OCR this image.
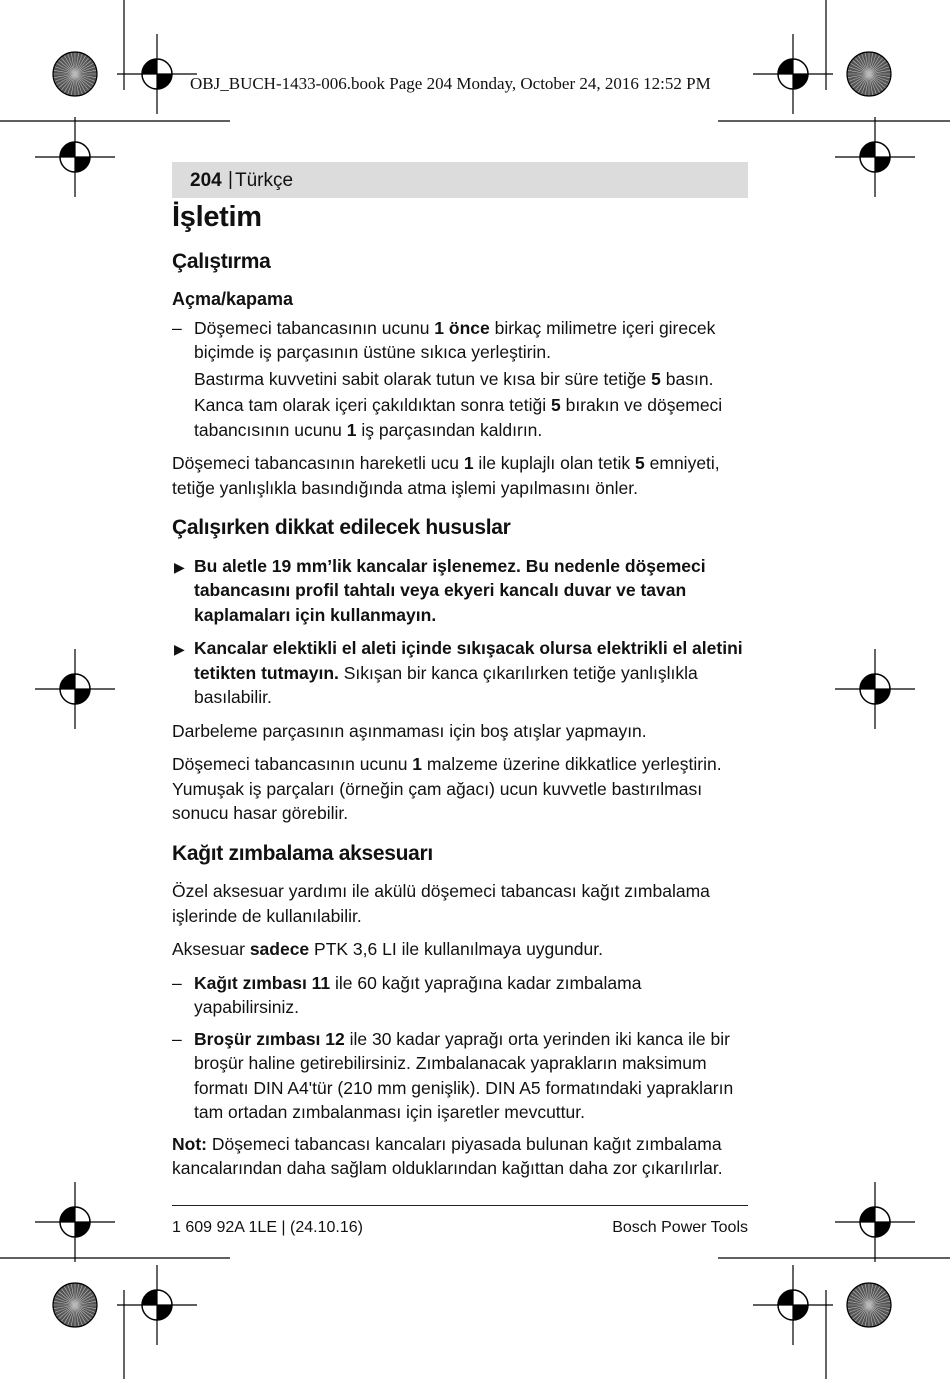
OBJ_BUCH-1433-006.book Page 204 Monday, October 24, 2016 12:52 PM
204 | Türkçe
İşletim
Çalıştırma
Açma/kapama
– Döşemeci tabancasının ucunu 1 önce birkaç milimetre içeri girecek biçimde iş parçasının üstüne sıkıca yerleştirin.
Bastırma kuvvetini sabit olarak tutun ve kısa bir süre tetiğe 5 basın.
Kanca tam olarak içeri çakıldıktan sonra tetiği 5 bırakın ve döşemeci tabancısının ucunu 1 iş parçasından kaldırın.

Döşemeci tabancasının hareketli ucu 1 ile kuplajlı olan tetik 5 emniyeti, tetiğe yanlışlıkla basındığında atma işlemi yapılmasını önler.

Çalışırken dikkat edilecek hususlar
▶ Bu aletle 19 mm’lik kancalar işlenemez. Bu nedenle döşemeci tabancasını profil tahtalı veya ekyeri kancalı duvar ve tavan kaplamaları için kullanmayın.
▶ Kancalar elektikli el aleti içinde sıkışacak olursa elektrikli el aletini tetikten tutmayın. Sıkışan bir kanca çıkarılırken tetiğe yanlışlıkla basılabilir.

Darbeleme parçasının aşınmaması için boş atışlar yapmayın.

Döşemeci tabancasının ucunu 1 malzeme üzerine dikkatlice yerleştirin. Yumuşak iş parçaları (örneğin çam ağacı) ucun kuvvetle bastırılması sonucu hasar görebilir.

Kağıt zımbalama aksesuarı

Özel aksesuar yardımı ile akülü döşemeci tabancası kağıt zımbalama işlerinde de kullanılabilir.

Aksesuar sadece PTK 3,6 LI ile kullanılmaya uygundur.

– Kağıt zımbası 11 ile 60 kağıt yaprağına kadar zımbalama yapabilirsiniz.
– Broşür zımbası 12 ile 30 kadar yaprağı orta yerinden iki kanca ile bir broşür haline getirebilirsiniz. Zımbalanacak yaprakların maksimum formatı DIN A4'tür (210 mm genişlik). DIN A5 formatındaki yaprakların tam ortadan zımbalanması için işaretler mevcuttur.

Not: Döşemeci tabancası kancaları piyasada bulunan kağıt zımbalama kancalarından daha sağlam olduklarından kağıttan daha zor çıkarılırlar.

1 609 92A 1LE | (24.10.16)	Bosch Power Tools
